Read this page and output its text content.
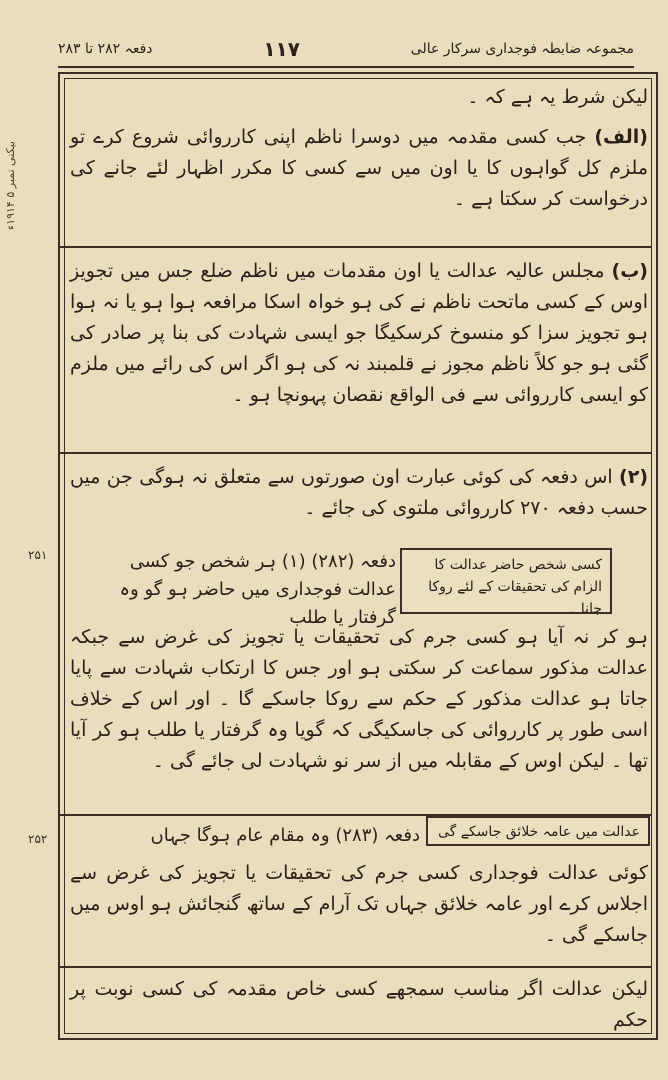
دفعہ ۲۸۲ تا ۲۸۳	۱۱۷	مجموعہ ضابطہ فوجداری سرکار عالی
بیکنی نمبر ۵ ۱۹۱۴ء
۲۵۱
۲۵۲
لیکن شرط یہ ہے کہ ۔
(الف) جب کسی مقدمہ میں دوسرا ناظم اپنی کارروائی شروع کرے تو ملزم کل گواہوں کا یا اون میں سے کسی کا مکرر اظہار لئے جانے کی درخواست کر سکتا ہے ۔
(ب) مجلس عالیہ عدالت یا اون مقدمات میں ناظم ضلع جس میں تجویز اوس کے کسی ماتحت ناظم نے کی ہو خواہ اسکا مرافعہ ہوا ہو یا نہ ہوا ہو تجویز سزا کو منسوخ کرسکیگا جو ایسی شہادت کی بنا پر صادر کی گئی ہو جو کلاً ناظم مجوز نے قلمبند نہ کی ہو اگر اس کی رائے میں ملزم کو ایسی کارروائی سے فی الواقع نقصان پہونچا ہو ۔
(۲) اس دفعہ کی کوئی عبارت اون صورتوں سے متعلق نہ ہوگی جن میں حسب دفعہ ۲۷۰ کارروائی ملتوی کی جائے ۔
کسی شخص حاضر عدالت کا الزام کی تحقیقات کے لئے روکا جانا ۔
دفعہ (۲۸۲) (۱) ہر شخص جو کسی عدالت فوجداری میں حاضر ہو گو وہ گرفتار یا طلب
ہو کر نہ آیا ہو کسی جرم کی تحقیقات یا تجویز کی غرض سے جبکہ عدالت مذکور سماعت کر سکتی ہو اور جس کا ارتکاب شہادت سے پایا جاتا ہو عدالت مذکور کے حکم سے روکا جاسکے گا ۔ اور اس کے خلاف اسی طور پر کارروائی کی جاسکیگی کہ گویا وہ گرفتار یا طلب ہو کر آیا تھا ۔ لیکن اوس کے مقابلہ میں از سر نو شہادت لی جائے گی ۔
عدالت میں عامہ خلائق جاسکے گی
دفعہ (۲۸۳) وہ مقام عام ہوگا جہاں
کوئی عدالت فوجداری کسی جرم کی تحقیقات یا تجویز کی غرض سے اجلاس کرے اور عامہ خلائق جہاں تک آرام کے ساتھ گنجائش ہو اوس میں جاسکے گی ۔
لیکن عدالت اگر مناسب سمجھے کسی خاص مقدمہ کی کسی نوبت پر حکم
